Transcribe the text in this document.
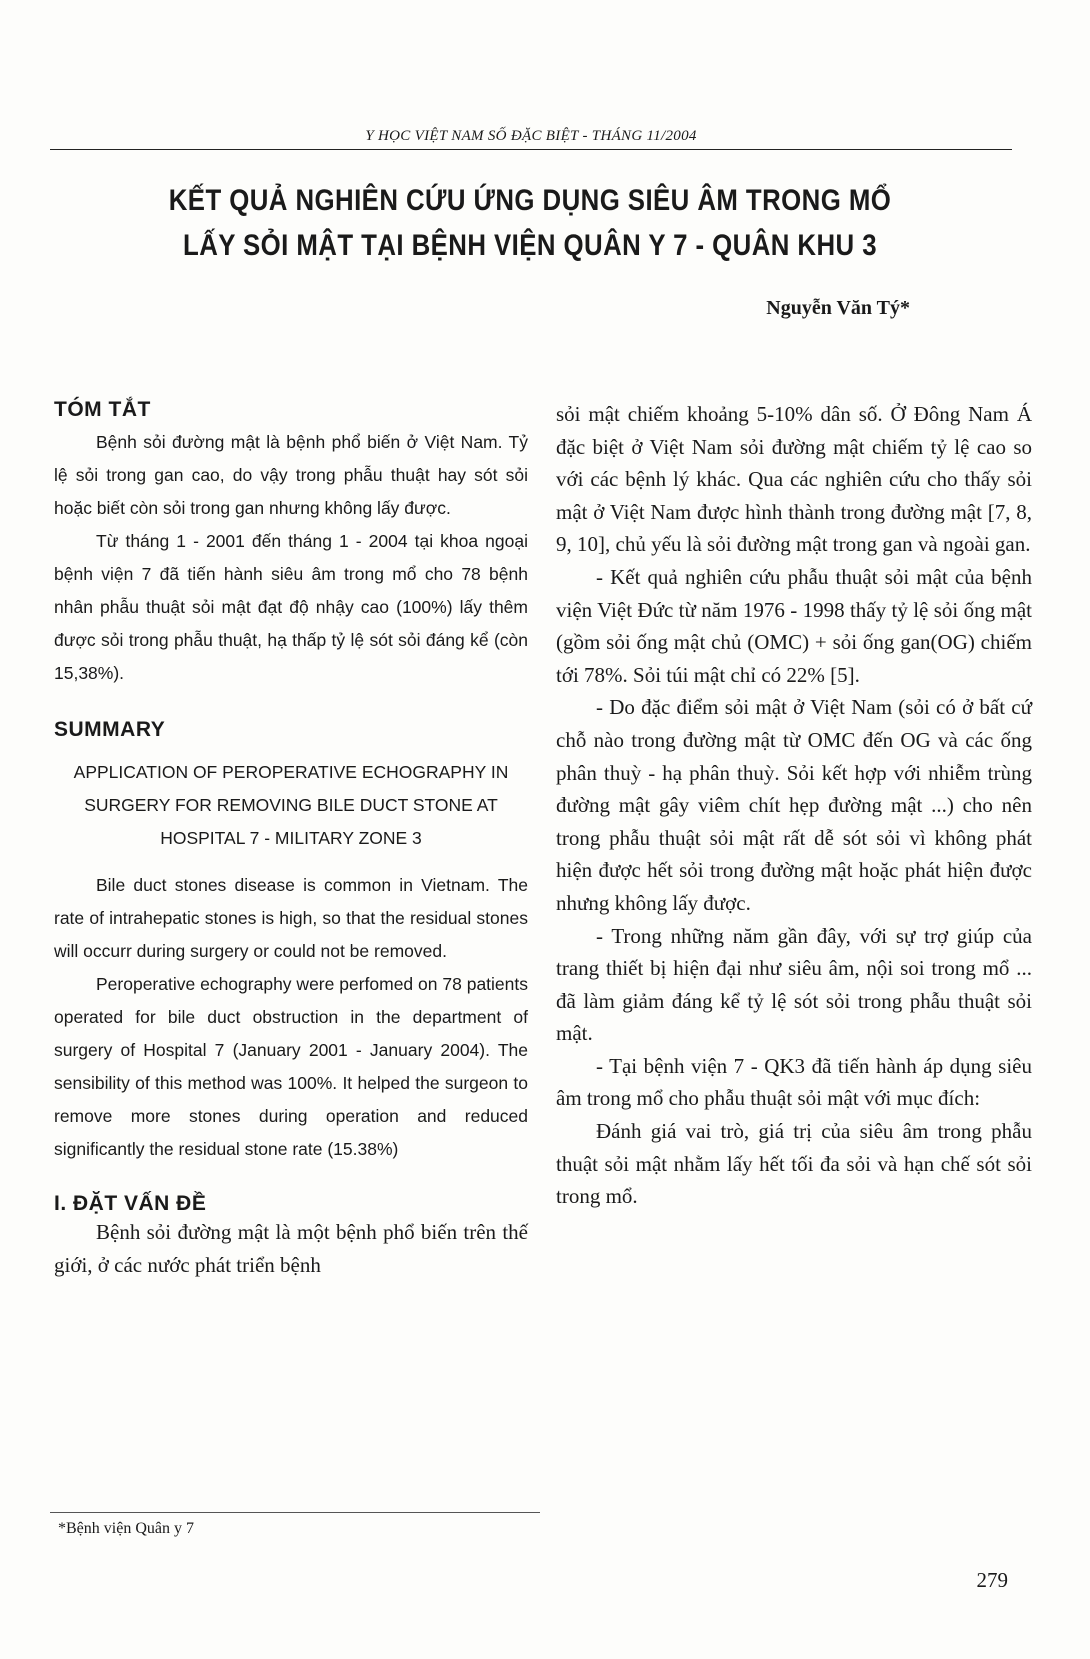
Y HỌC VIỆT NAM SỐ ĐẶC BIỆT - THÁNG 11/2004
KẾT QUẢ NGHIÊN CỨU ỨNG DỤNG SIÊU ÂM TRONG MỔ
LẤY SỎI MẬT TẠI BỆNH VIỆN QUÂN Y 7 - QUÂN KHU 3
Nguyễn Văn Tý*
TÓM TẮT

Bệnh sỏi đường mật là bệnh phổ biến ở Việt Nam. Tỷ lệ sỏi trong gan cao, do vậy trong phẫu thuật hay sót sỏi hoặc biết còn sỏi trong gan nhưng không lấy được.

Từ tháng 1 - 2001 đến tháng 1 - 2004 tại khoa ngoại bệnh viện 7 đã tiến hành siêu âm trong mổ cho 78 bệnh nhân phẫu thuật sỏi mật đạt độ nhậy cao (100%) lấy thêm được sỏi trong phẫu thuật, hạ thấp tỷ lệ sót sỏi đáng kể (còn 15,38%).

SUMMARY

APPLICATION OF PEROPERATIVE ECHOGRAPHY IN

SURGERY FOR REMOVING BILE DUCT STONE AT

HOSPITAL 7 - MILITARY ZONE 3

Bile duct stones disease is common in Vietnam. The rate of intrahepatic stones is high, so that the residual stones will occurr during surgery or could not be removed.

Peroperative echography were perfomed on 78 patients operated for bile duct obstruction in the department of surgery of Hospital 7 (January 2001 - January 2004). The sensibility of this method was 100%. It helped the surgeon to remove more stones during operation and reduced significantly the residual stone rate (15.38%)

I. ĐẶT VẤN ĐỀ

Bệnh sỏi đường mật là một bệnh phổ biến trên thế giới, ở các nước phát triển bệnh

sỏi mật chiếm khoảng 5-10% dân số. Ở Đông Nam Á đặc biệt ở Việt Nam sỏi đường mật chiếm tỷ lệ cao so với các bệnh lý khác. Qua các nghiên cứu cho thấy sỏi mật ở Việt Nam được hình thành trong đường mật [7, 8, 9, 10], chủ yếu là sỏi đường mật trong gan và ngoài gan.

- Kết quả nghiên cứu phẫu thuật sỏi mật của bệnh viện Việt Đức từ năm 1976 - 1998 thấy tỷ lệ sỏi ống mật (gồm sỏi ống mật chủ (OMC) + sỏi ống gan(OG) chiếm tới 78%. Sỏi túi mật chỉ có 22% [5].

- Do đặc điểm sỏi mật ở Việt Nam (sỏi có ở bất cứ chỗ nào trong đường mật từ OMC đến OG và các ống phân thuỳ - hạ phân thuỳ. Sỏi kết hợp với nhiễm trùng đường mật gây viêm chít hẹp đường mật ...) cho nên trong phẫu thuật sỏi mật rất dễ sót sỏi vì không phát hiện được hết sỏi trong đường mật hoặc phát hiện được nhưng không lấy được.

- Trong những năm gần đây, với sự trợ giúp của trang thiết bị hiện đại như siêu âm, nội soi trong mổ ... đã làm giảm đáng kể tỷ lệ sót sỏi trong phẫu thuật sỏi mật.

- Tại bệnh viện 7 - QK3 đã tiến hành áp dụng siêu âm trong mổ cho phẫu thuật sỏi mật với mục đích:

Đánh giá vai trò, giá trị của siêu âm trong phẫu thuật sỏi mật nhằm lấy hết tối đa sỏi và hạn chế sót sỏi trong mổ.

*Bệnh viện Quân y 7
279
